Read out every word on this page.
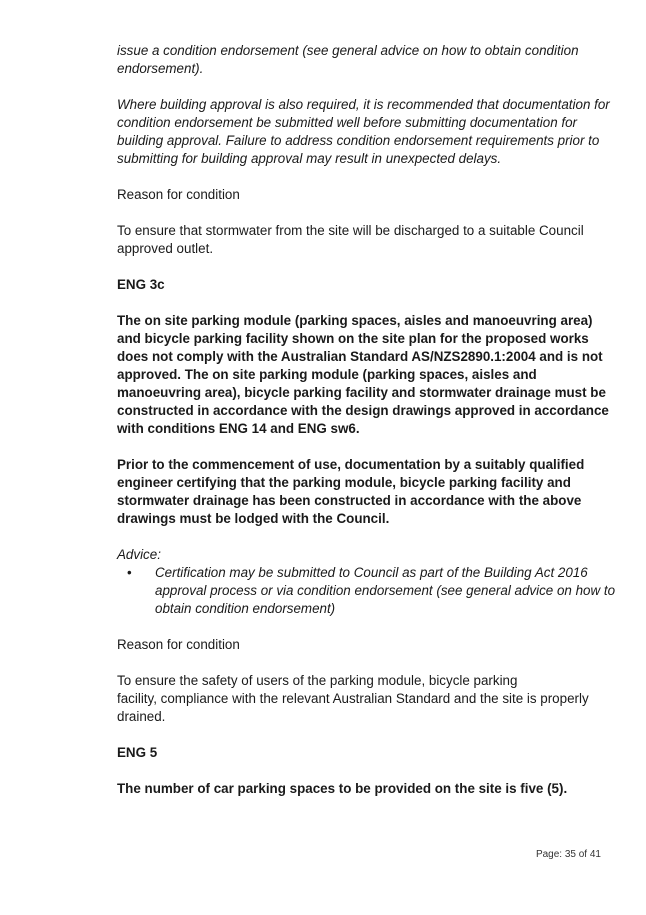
issue a condition endorsement (see general advice on how to obtain condition endorsement).

Where building approval is also required, it is recommended that documentation for condition endorsement be submitted well before submitting documentation for building approval. Failure to address condition endorsement requirements prior to submitting for building approval may result in unexpected delays.

Reason for condition

To ensure that stormwater from the site will be discharged to a suitable Council approved outlet.

ENG 3c

The on site parking module (parking spaces, aisles and manoeuvring area) and bicycle parking facility shown on the site plan for the proposed works does not comply with the Australian Standard AS/NZS2890.1:2004 and is not approved. The on site parking module (parking spaces, aisles and manoeuvring area), bicycle parking facility and stormwater drainage must be constructed in accordance with the design drawings approved in accordance with conditions ENG 14 and ENG sw6.

Prior to the commencement of use, documentation by a suitably qualified engineer certifying that the parking module, bicycle parking facility and stormwater drainage has been constructed in accordance with the above drawings must be lodged with the Council.

Advice:

• Certification may be submitted to Council as part of the Building Act 2016 approval process or via condition endorsement (see general advice on how to obtain condition endorsement)

Reason for condition

To ensure the safety of users of the parking module, bicycle parking

facility, compliance with the relevant Australian Standard and the site is properly drained.

ENG 5

The number of car parking spaces to be provided on the site is five (5).

Page: 35 of 41
